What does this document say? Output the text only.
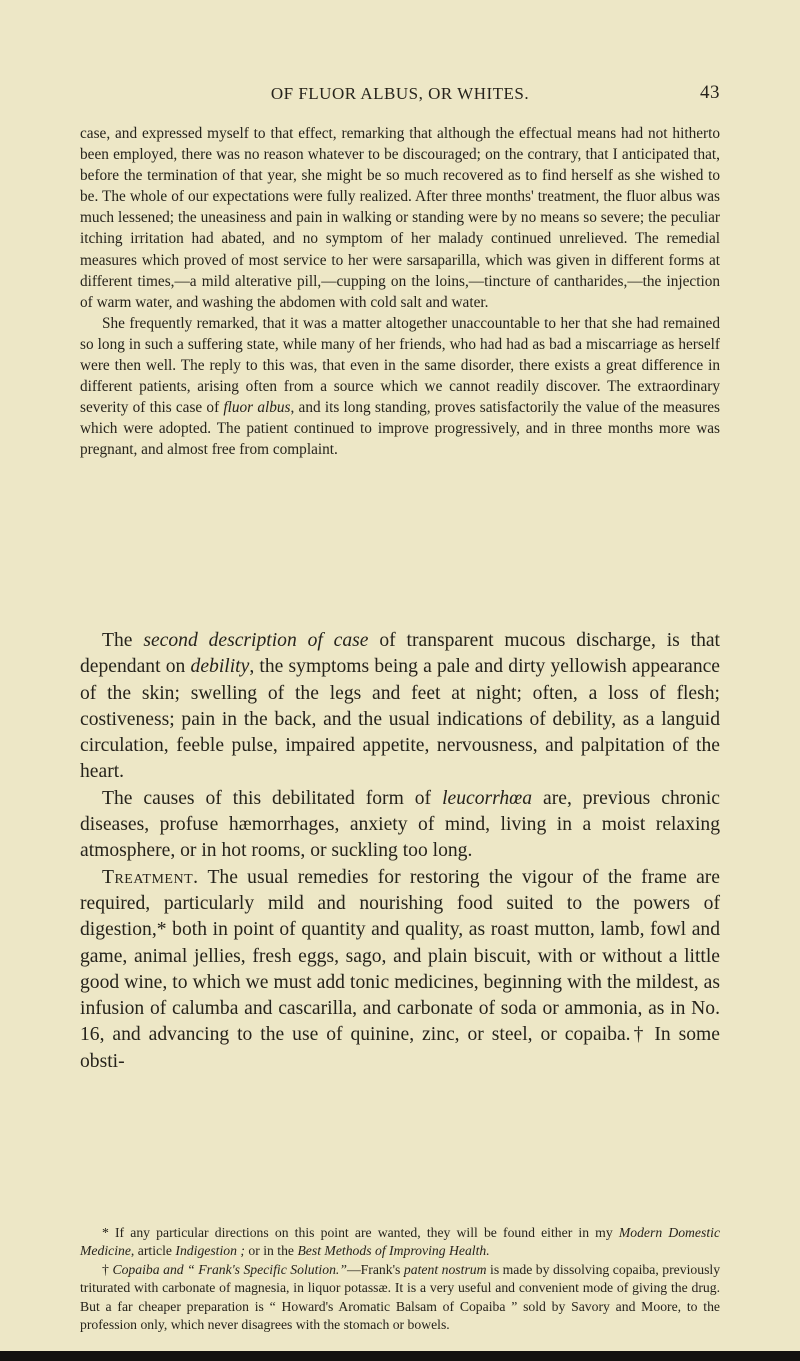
OF FLUOR ALBUS, OR WHITES.	43

case, and expressed myself to that effect, remarking that although the effectual means had not hitherto been employed, there was no reason whatever to be discouraged; on the contrary, that I anticipated that, before the termination of that year, she might be so much recovered as to find herself as she wished to be. The whole of our expectations were fully realized. After three months' treatment, the fluor albus was much lessened; the uneasiness and pain in walking or standing were by no means so severe; the peculiar itching irritation had abated, and no symptom of her malady continued unrelieved. The remedial measures which proved of most service to her were sarsaparilla, which was given in different forms at different times,—a mild alterative pill,—cupping on the loins,—tincture of cantharides,—the injection of warm water, and washing the abdomen with cold salt and water.

She frequently remarked, that it was a matter altogether unaccountable to her that she had remained so long in such a suffering state, while many of her friends, who had had as bad a miscarriage as herself were then well. The reply to this was, that even in the same disorder, there exists a great difference in different patients, arising often from a source which we cannot readily discover. The extraordinary severity of this case of fluor albus, and its long standing, proves satisfactorily the value of the measures which were adopted. The patient continued to improve progressively, and in three months more was pregnant, and almost free from complaint.

The second description of case of transparent mucous discharge, is that dependant on debility, the symptoms being a pale and dirty yellowish appearance of the skin; swelling of the legs and feet at night; often, a loss of flesh; costiveness; pain in the back, and the usual indications of debility, as a languid circulation, feeble pulse, impaired appetite, nervousness, and palpitation of the heart.

The causes of this debilitated form of leucorrhœa are, previous chronic diseases, profuse hæmorrhages, anxiety of mind, living in a moist relaxing atmosphere, or in hot rooms, or suckling too long.

Treatment. The usual remedies for restoring the vigour of the frame are required, particularly mild and nourishing food suited to the powers of digestion,* both in point of quantity and quality, as roast mutton, lamb, fowl and game, animal jellies, fresh eggs, sago, and plain biscuit, with or without a little good wine, to which we must add tonic medicines, beginning with the mildest, as infusion of calumba and cascarilla, and carbonate of soda or ammonia, as in No. 16, and advancing to the use of quinine, zinc, or steel, or copaiba.† In some obsti-

* If any particular directions on this point are wanted, they will be found either in my Modern Domestic Medicine, article Indigestion ; or in the Best Methods of Improving Health.

† Copaiba and “ Frank's Specific Solution.”—Frank's patent nostrum is made by dissolving copaiba, previously triturated with carbonate of magnesia, in liquor potassæ. It is a very useful and convenient mode of giving the drug. But a far cheaper preparation is “ Howard's Aromatic Balsam of Copaiba ” sold by Savory and Moore, to the profession only, which never disagrees with the stomach or bowels.
